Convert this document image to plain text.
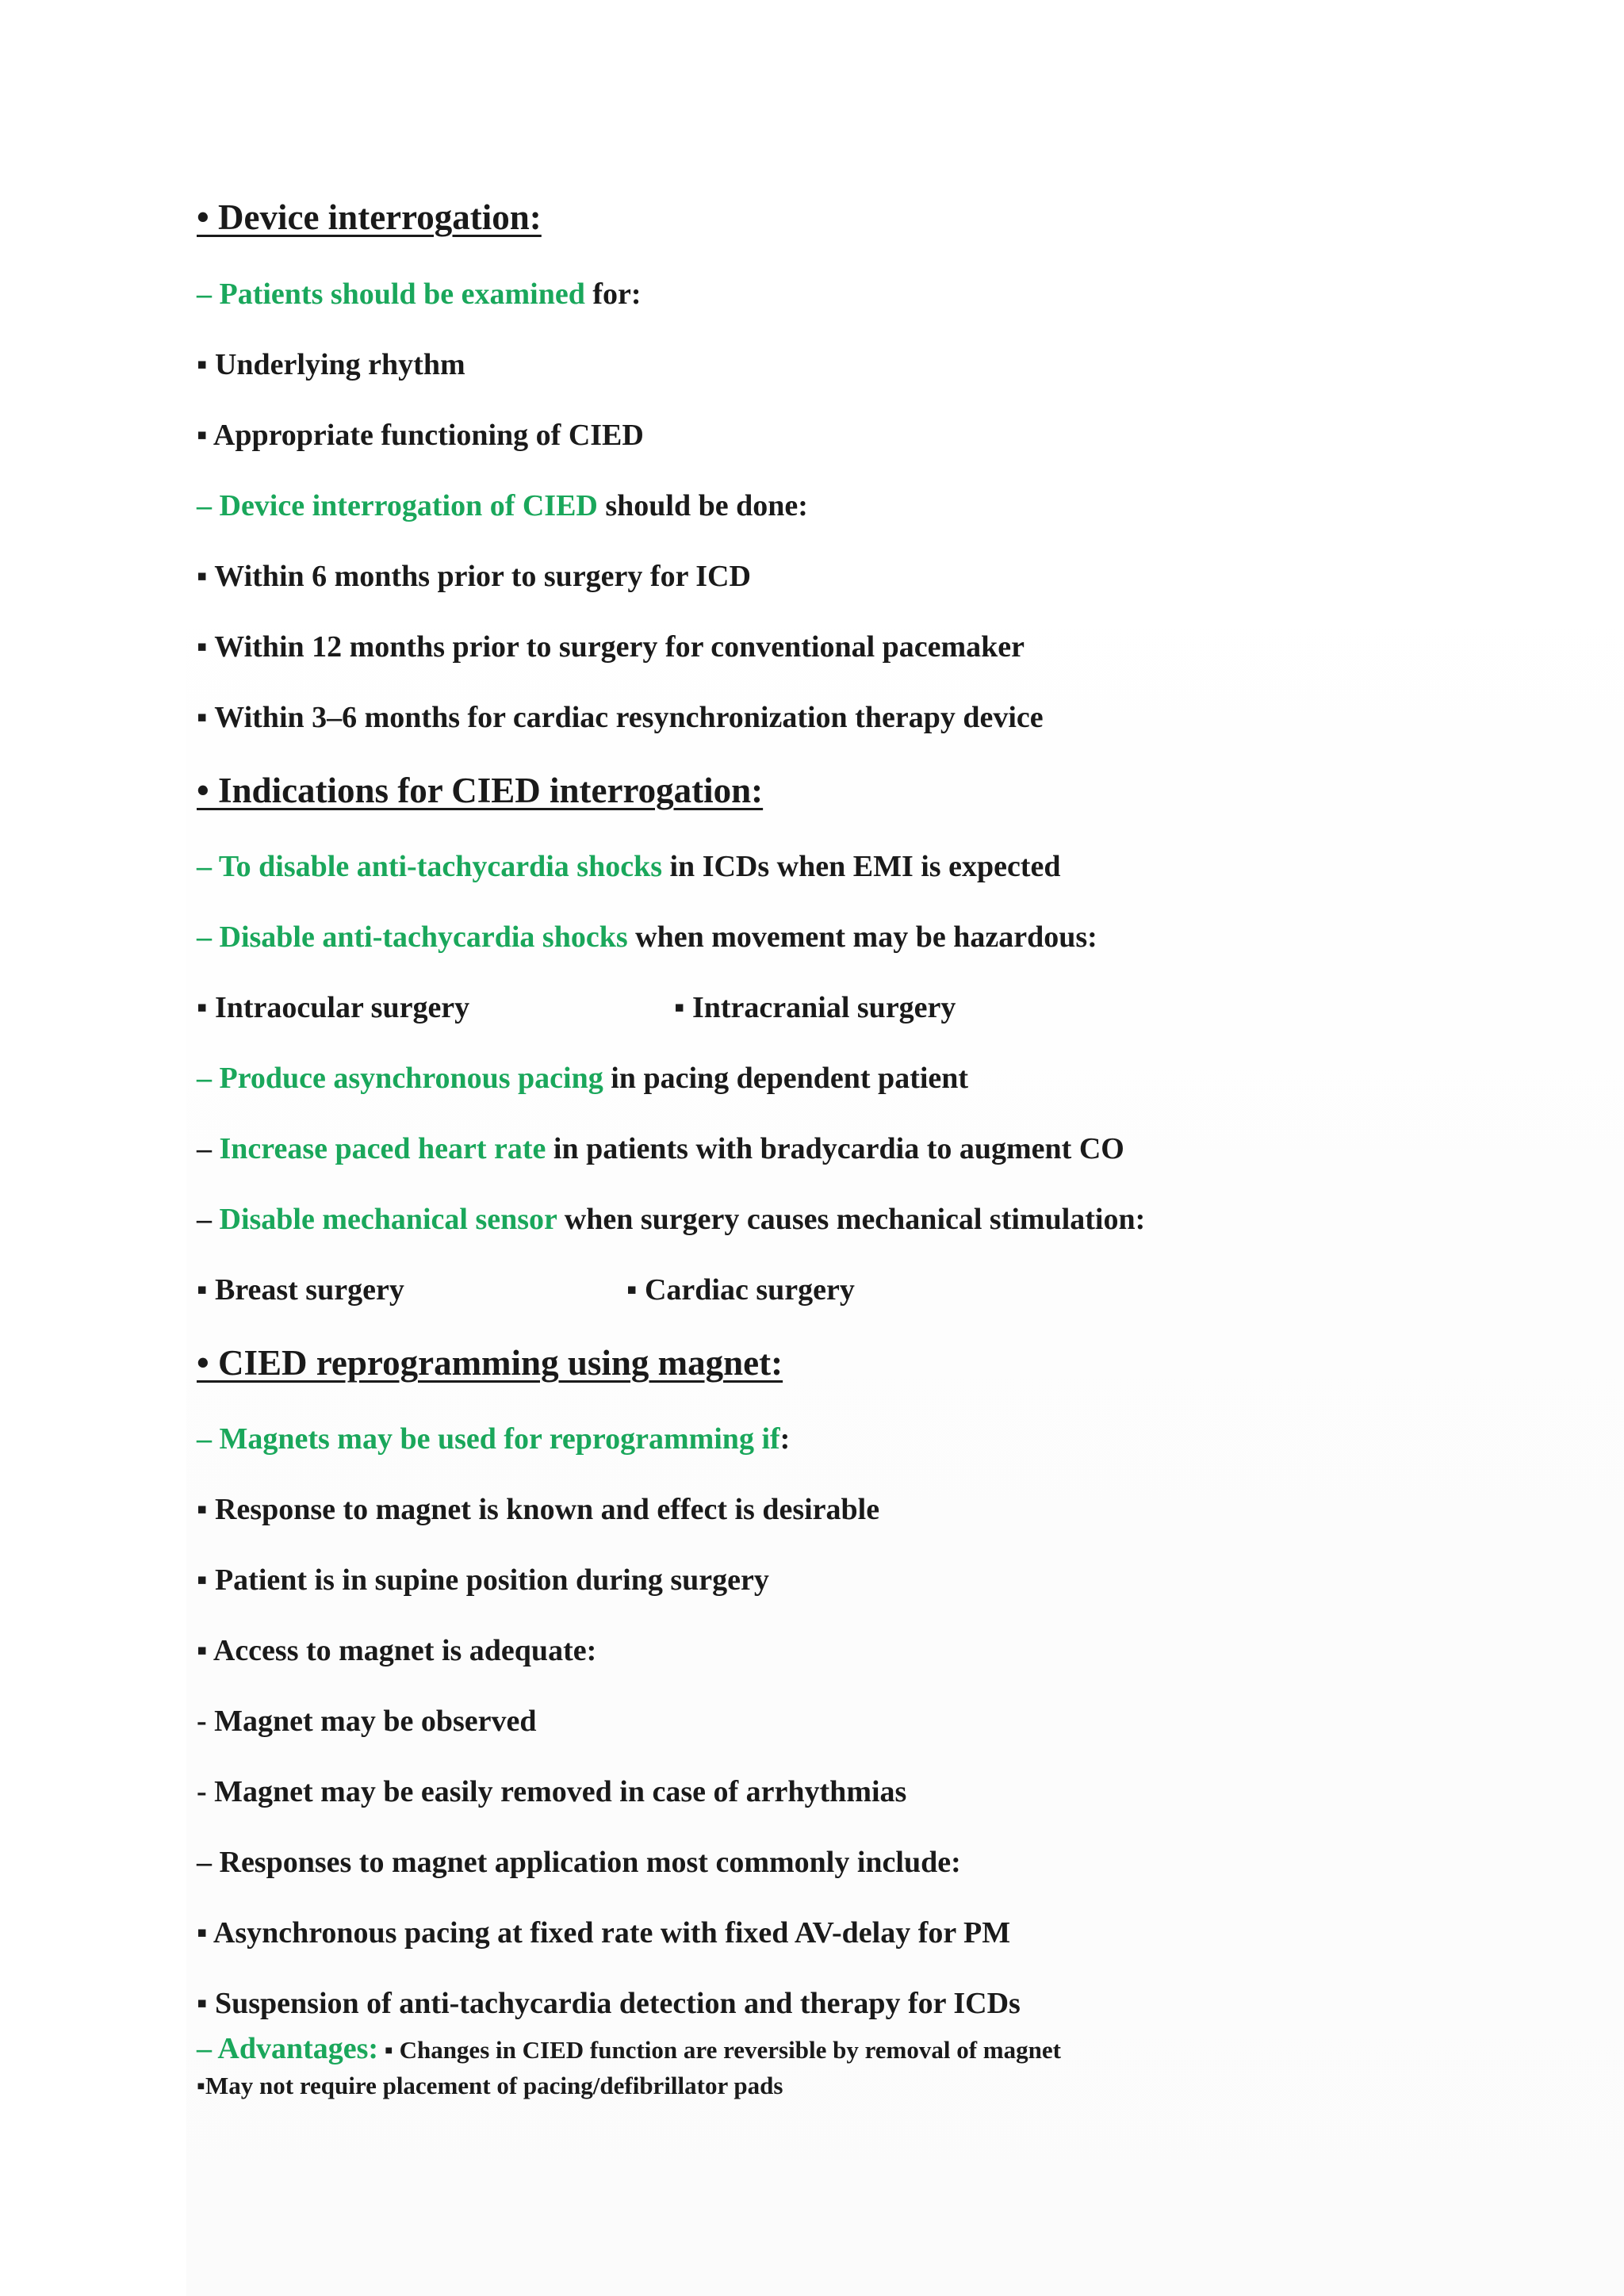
• Device interrogation:
– Patients should be examined for:
▪ Underlying rhythm
▪ Appropriate functioning of CIED
– Device interrogation of CIED should be done:
▪ Within 6 months prior to surgery for ICD
▪ Within 12 months prior to surgery for conventional pacemaker
▪ Within 3–6 months for cardiac resynchronization therapy device
• Indications for CIED interrogation:
– To disable anti-tachycardia shocks in ICDs when EMI is expected
– Disable anti-tachycardia shocks when movement may be hazardous:
▪ Intraocular surgery	▪ Intracranial surgery
– Produce asynchronous pacing in pacing dependent patient
– Increase paced heart rate in patients with bradycardia to augment CO
– Disable mechanical sensor when surgery causes mechanical stimulation:
▪ Breast surgery	▪ Cardiac surgery
• CIED reprogramming using magnet:
– Magnets may be used for reprogramming if:
▪ Response to magnet is known and effect is desirable
▪ Patient is in supine position during surgery
▪ Access to magnet is adequate:
- Magnet may be observed
- Magnet may be easily removed in case of arrhythmias
– Responses to magnet application most commonly include:
▪ Asynchronous pacing at fixed rate with fixed AV-delay for PM
▪ Suspension of anti-tachycardia detection and therapy for ICDs
– Advantages: ▪ Changes in CIED function are reversible by removal of magnet
▪May not require placement of pacing/defibrillator pads
